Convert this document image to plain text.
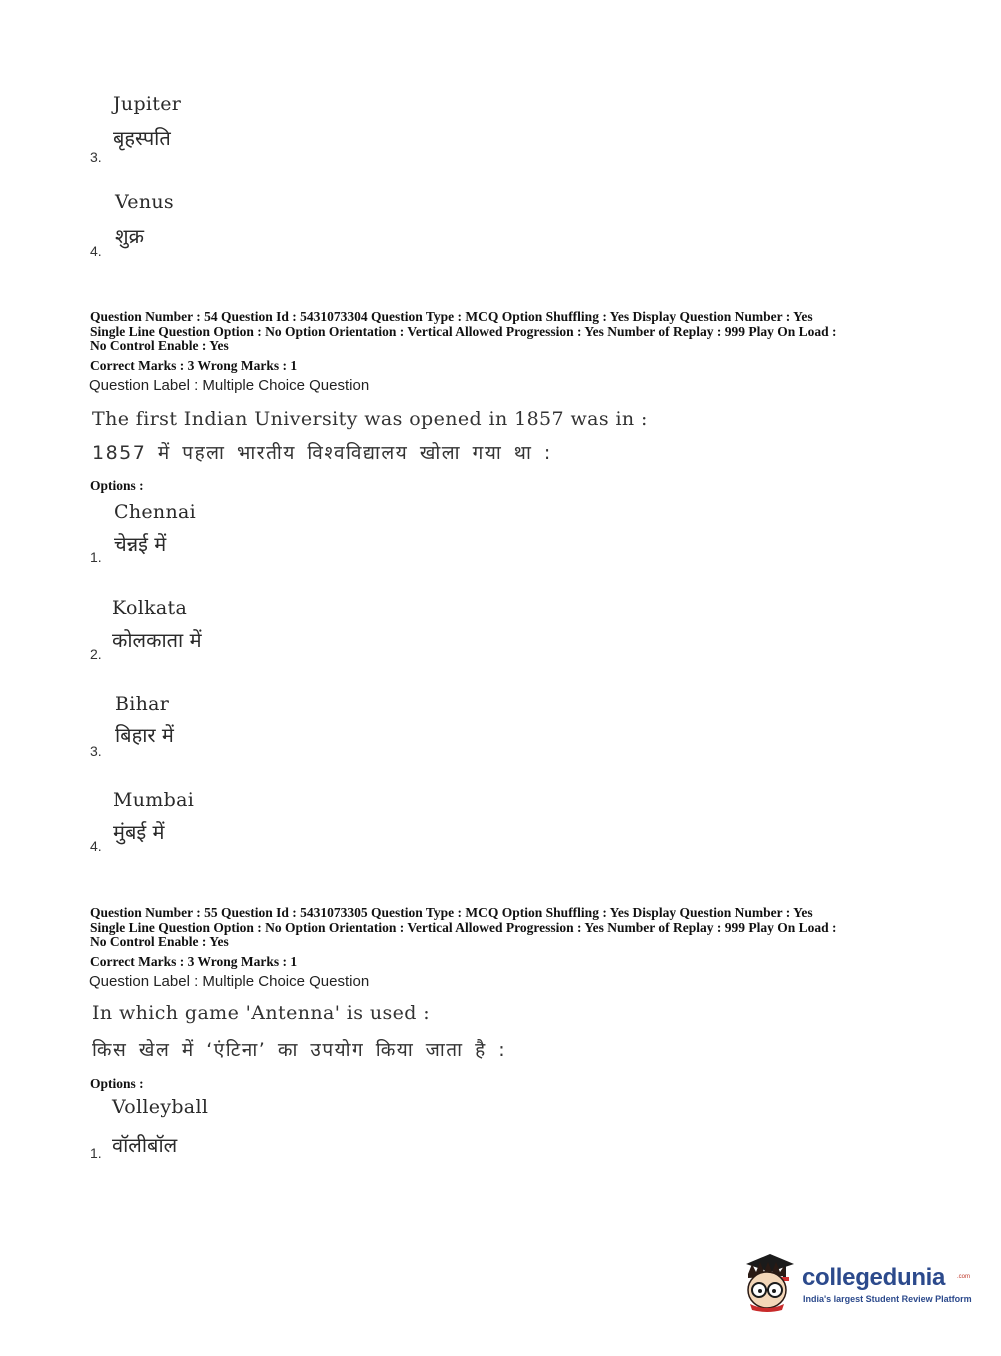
Jupiter
बृहस्पति
3.
Venus
शुक्र
4.
Question Number : 54 Question Id : 5431073304 Question Type : MCQ Option Shuffling : Yes Display Question Number : Yes
Single Line Question Option : No Option Orientation : Vertical Allowed Progression : Yes Number of Replay : 999 Play On Load :
No Control Enable : Yes
Correct Marks : 3 Wrong Marks : 1
Question Label : Multiple Choice Question
The first Indian University was opened in 1857 was in :
1857 में पहला भारतीय विश्वविद्यालय खोला गया था :
Options :
Chennai
चेन्नई में
1.
Kolkata
कोलकाता में
2.
Bihar
बिहार में
3.
Mumbai
मुंबई में
4.
Question Number : 55 Question Id : 5431073305 Question Type : MCQ Option Shuffling : Yes Display Question Number : Yes
Single Line Question Option : No Option Orientation : Vertical Allowed Progression : Yes Number of Replay : 999 Play On Load :
No Control Enable : Yes
Correct Marks : 3 Wrong Marks : 1
Question Label : Multiple Choice Question
In which game 'Antenna' is used :
किस खेल में ‘एंटिना’ का उपयोग किया जाता है :
Options :
Volleyball
वॉलीबॉल
1.
collegedunia .com
India's largest Student Review Platform
